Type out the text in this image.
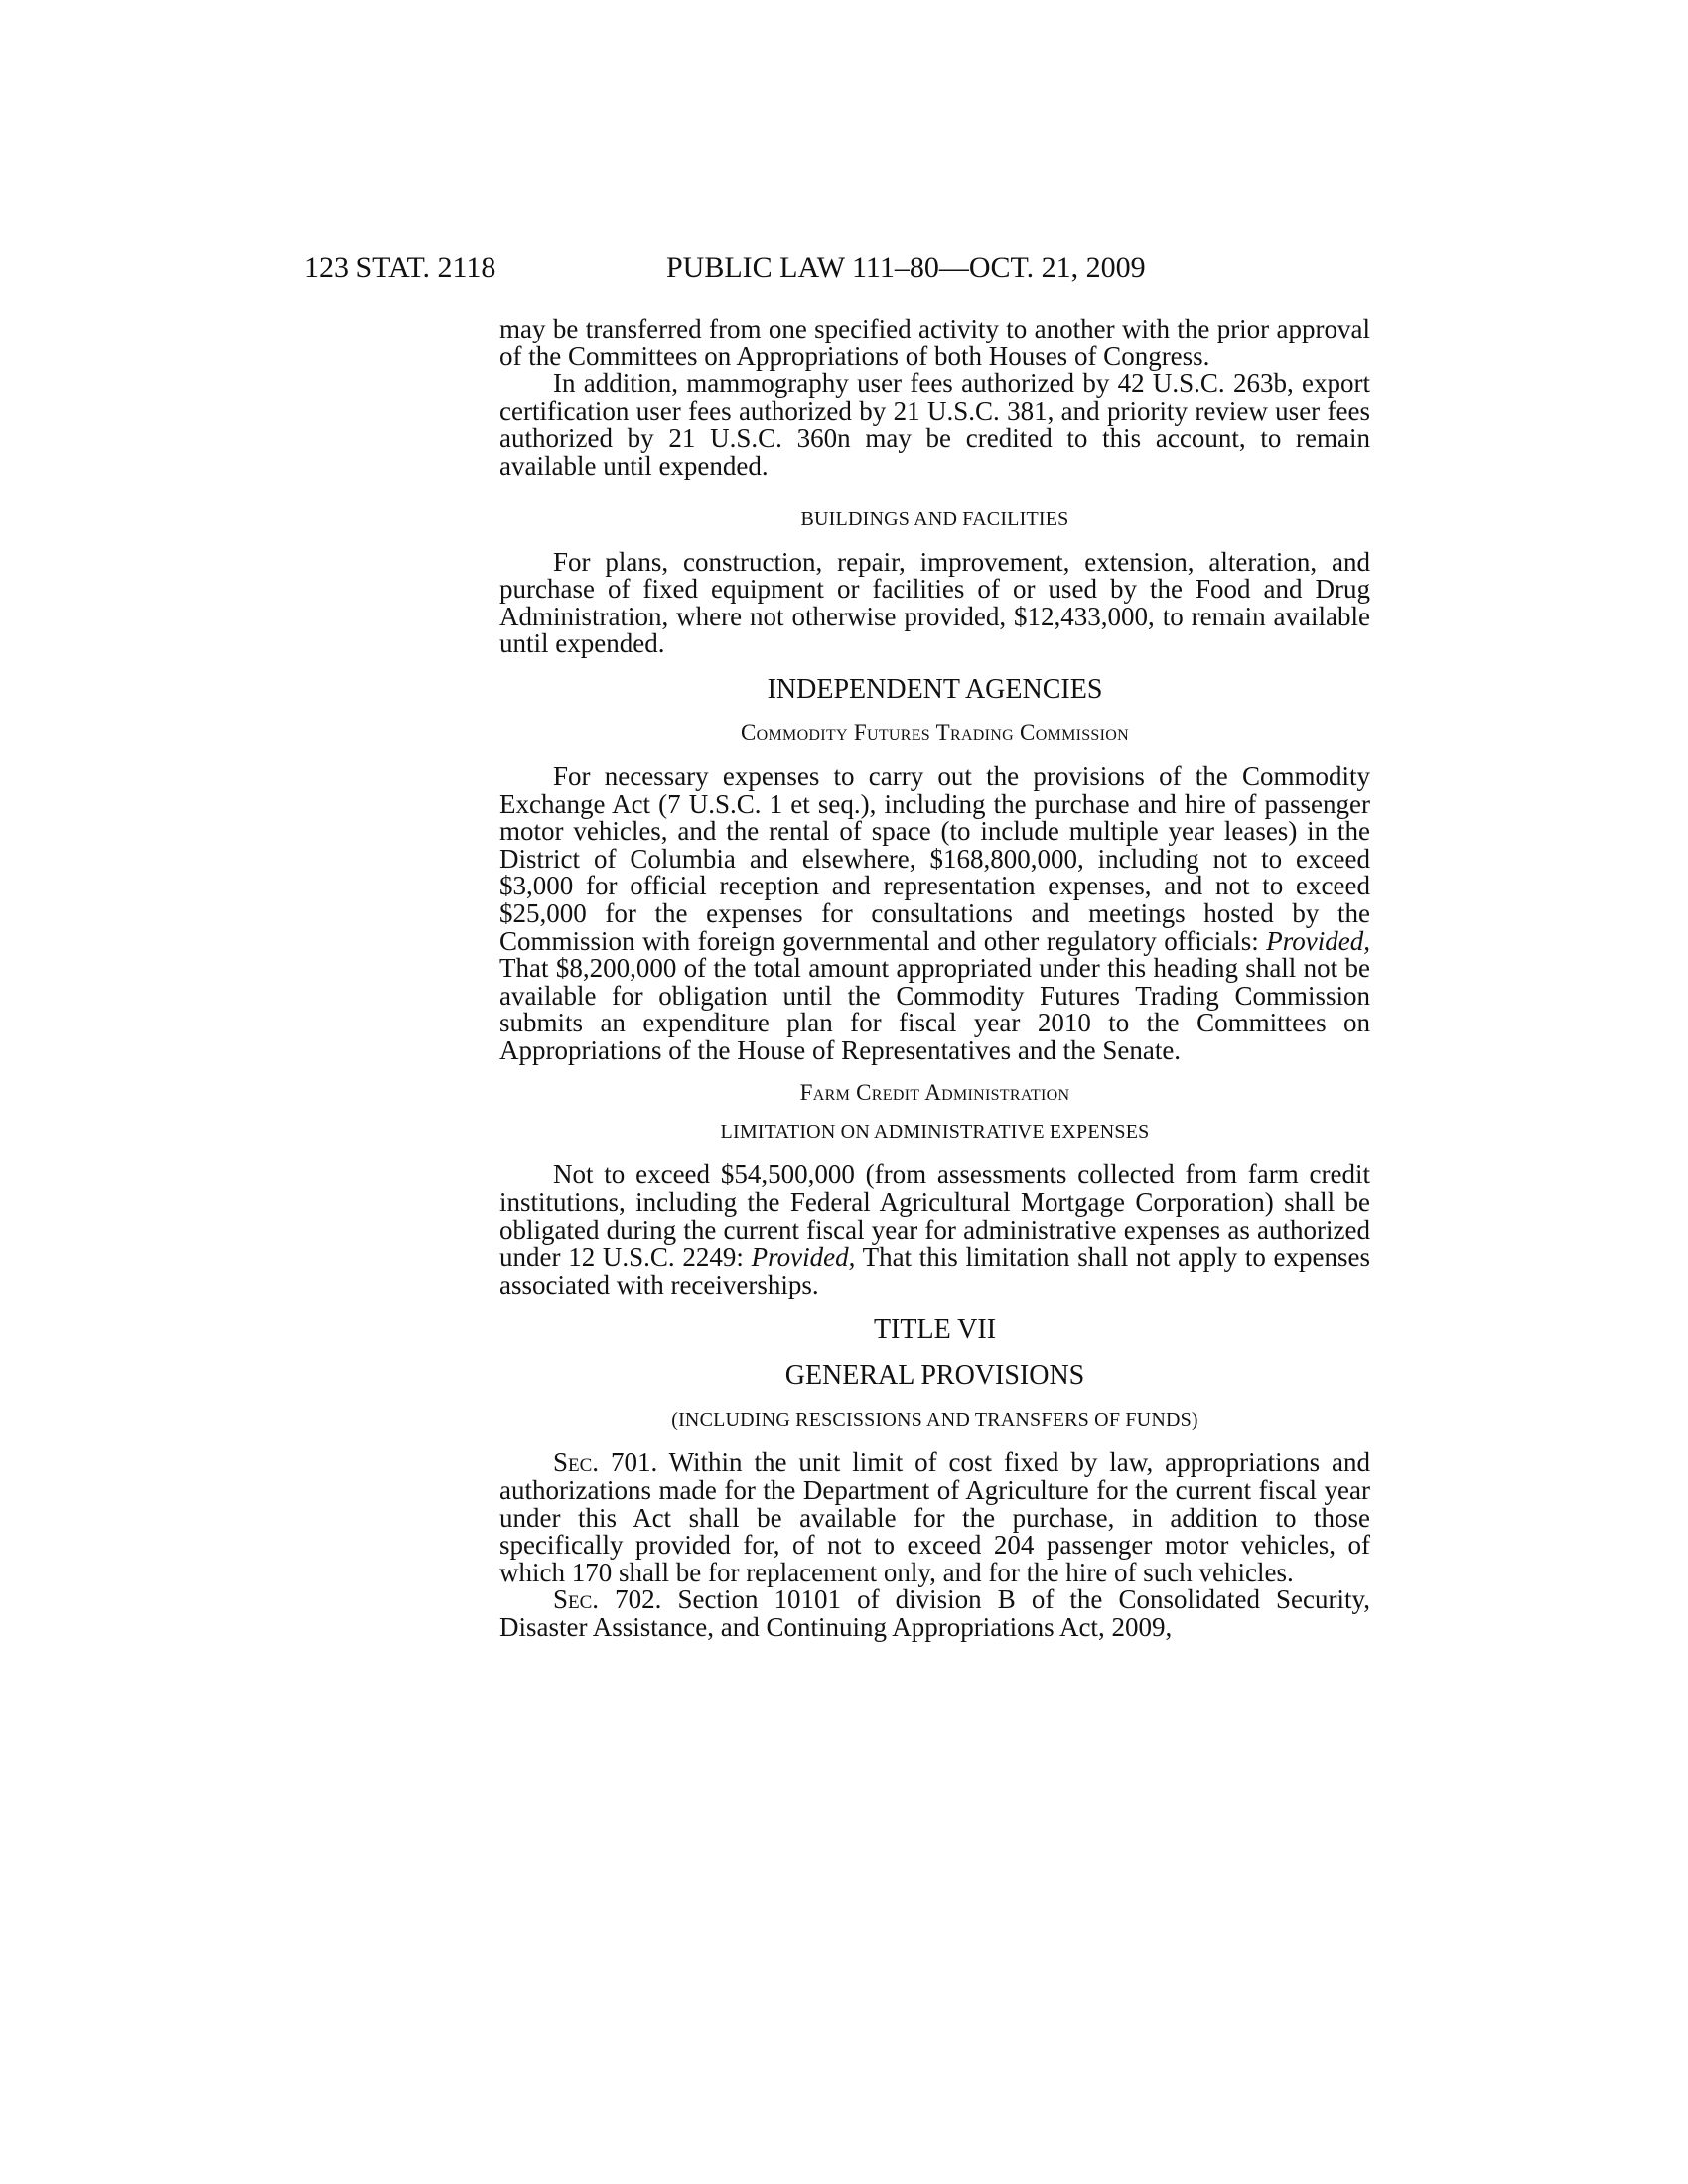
123 STAT. 2118	PUBLIC LAW 111–80—OCT. 21, 2009

may be transferred from one specified activity to another with the prior approval of the Committees on Appropriations of both Houses of Congress.

In addition, mammography user fees authorized by 42 U.S.C. 263b, export certification user fees authorized by 21 U.S.C. 381, and priority review user fees authorized by 21 U.S.C. 360n may be credited to this account, to remain available until expended.

BUILDINGS AND FACILITIES

For plans, construction, repair, improvement, extension, alteration, and purchase of fixed equipment or facilities of or used by the Food and Drug Administration, where not otherwise provided, $12,433,000, to remain available until expended.

INDEPENDENT AGENCIES
Commodity Futures Trading Commission

For necessary expenses to carry out the provisions of the Commodity Exchange Act (7 U.S.C. 1 et seq.), including the purchase and hire of passenger motor vehicles, and the rental of space (to include multiple year leases) in the District of Columbia and elsewhere, $168,800,000, including not to exceed $3,000 for official reception and representation expenses, and not to exceed $25,000 for the expenses for consultations and meetings hosted by the Commission with foreign governmental and other regulatory officials: Provided, That $8,200,000 of the total amount appropriated under this heading shall not be available for obligation until the Commodity Futures Trading Commission submits an expenditure plan for fiscal year 2010 to the Committees on Appropriations of the House of Representatives and the Senate.

Farm Credit Administration
LIMITATION ON ADMINISTRATIVE EXPENSES

Not to exceed $54,500,000 (from assessments collected from farm credit institutions, including the Federal Agricultural Mortgage Corporation) shall be obligated during the current fiscal year for administrative expenses as authorized under 12 U.S.C. 2249: Provided, That this limitation shall not apply to expenses associated with receiverships.

TITLE VII
GENERAL PROVISIONS
(INCLUDING RESCISSIONS AND TRANSFERS OF FUNDS)

Sec. 701. Within the unit limit of cost fixed by law, appropriations and authorizations made for the Department of Agriculture for the current fiscal year under this Act shall be available for the purchase, in addition to those specifically provided for, of not to exceed 204 passenger motor vehicles, of which 170 shall be for replacement only, and for the hire of such vehicles.

Sec. 702. Section 10101 of division B of the Consolidated Security, Disaster Assistance, and Continuing Appropriations Act, 2009,
